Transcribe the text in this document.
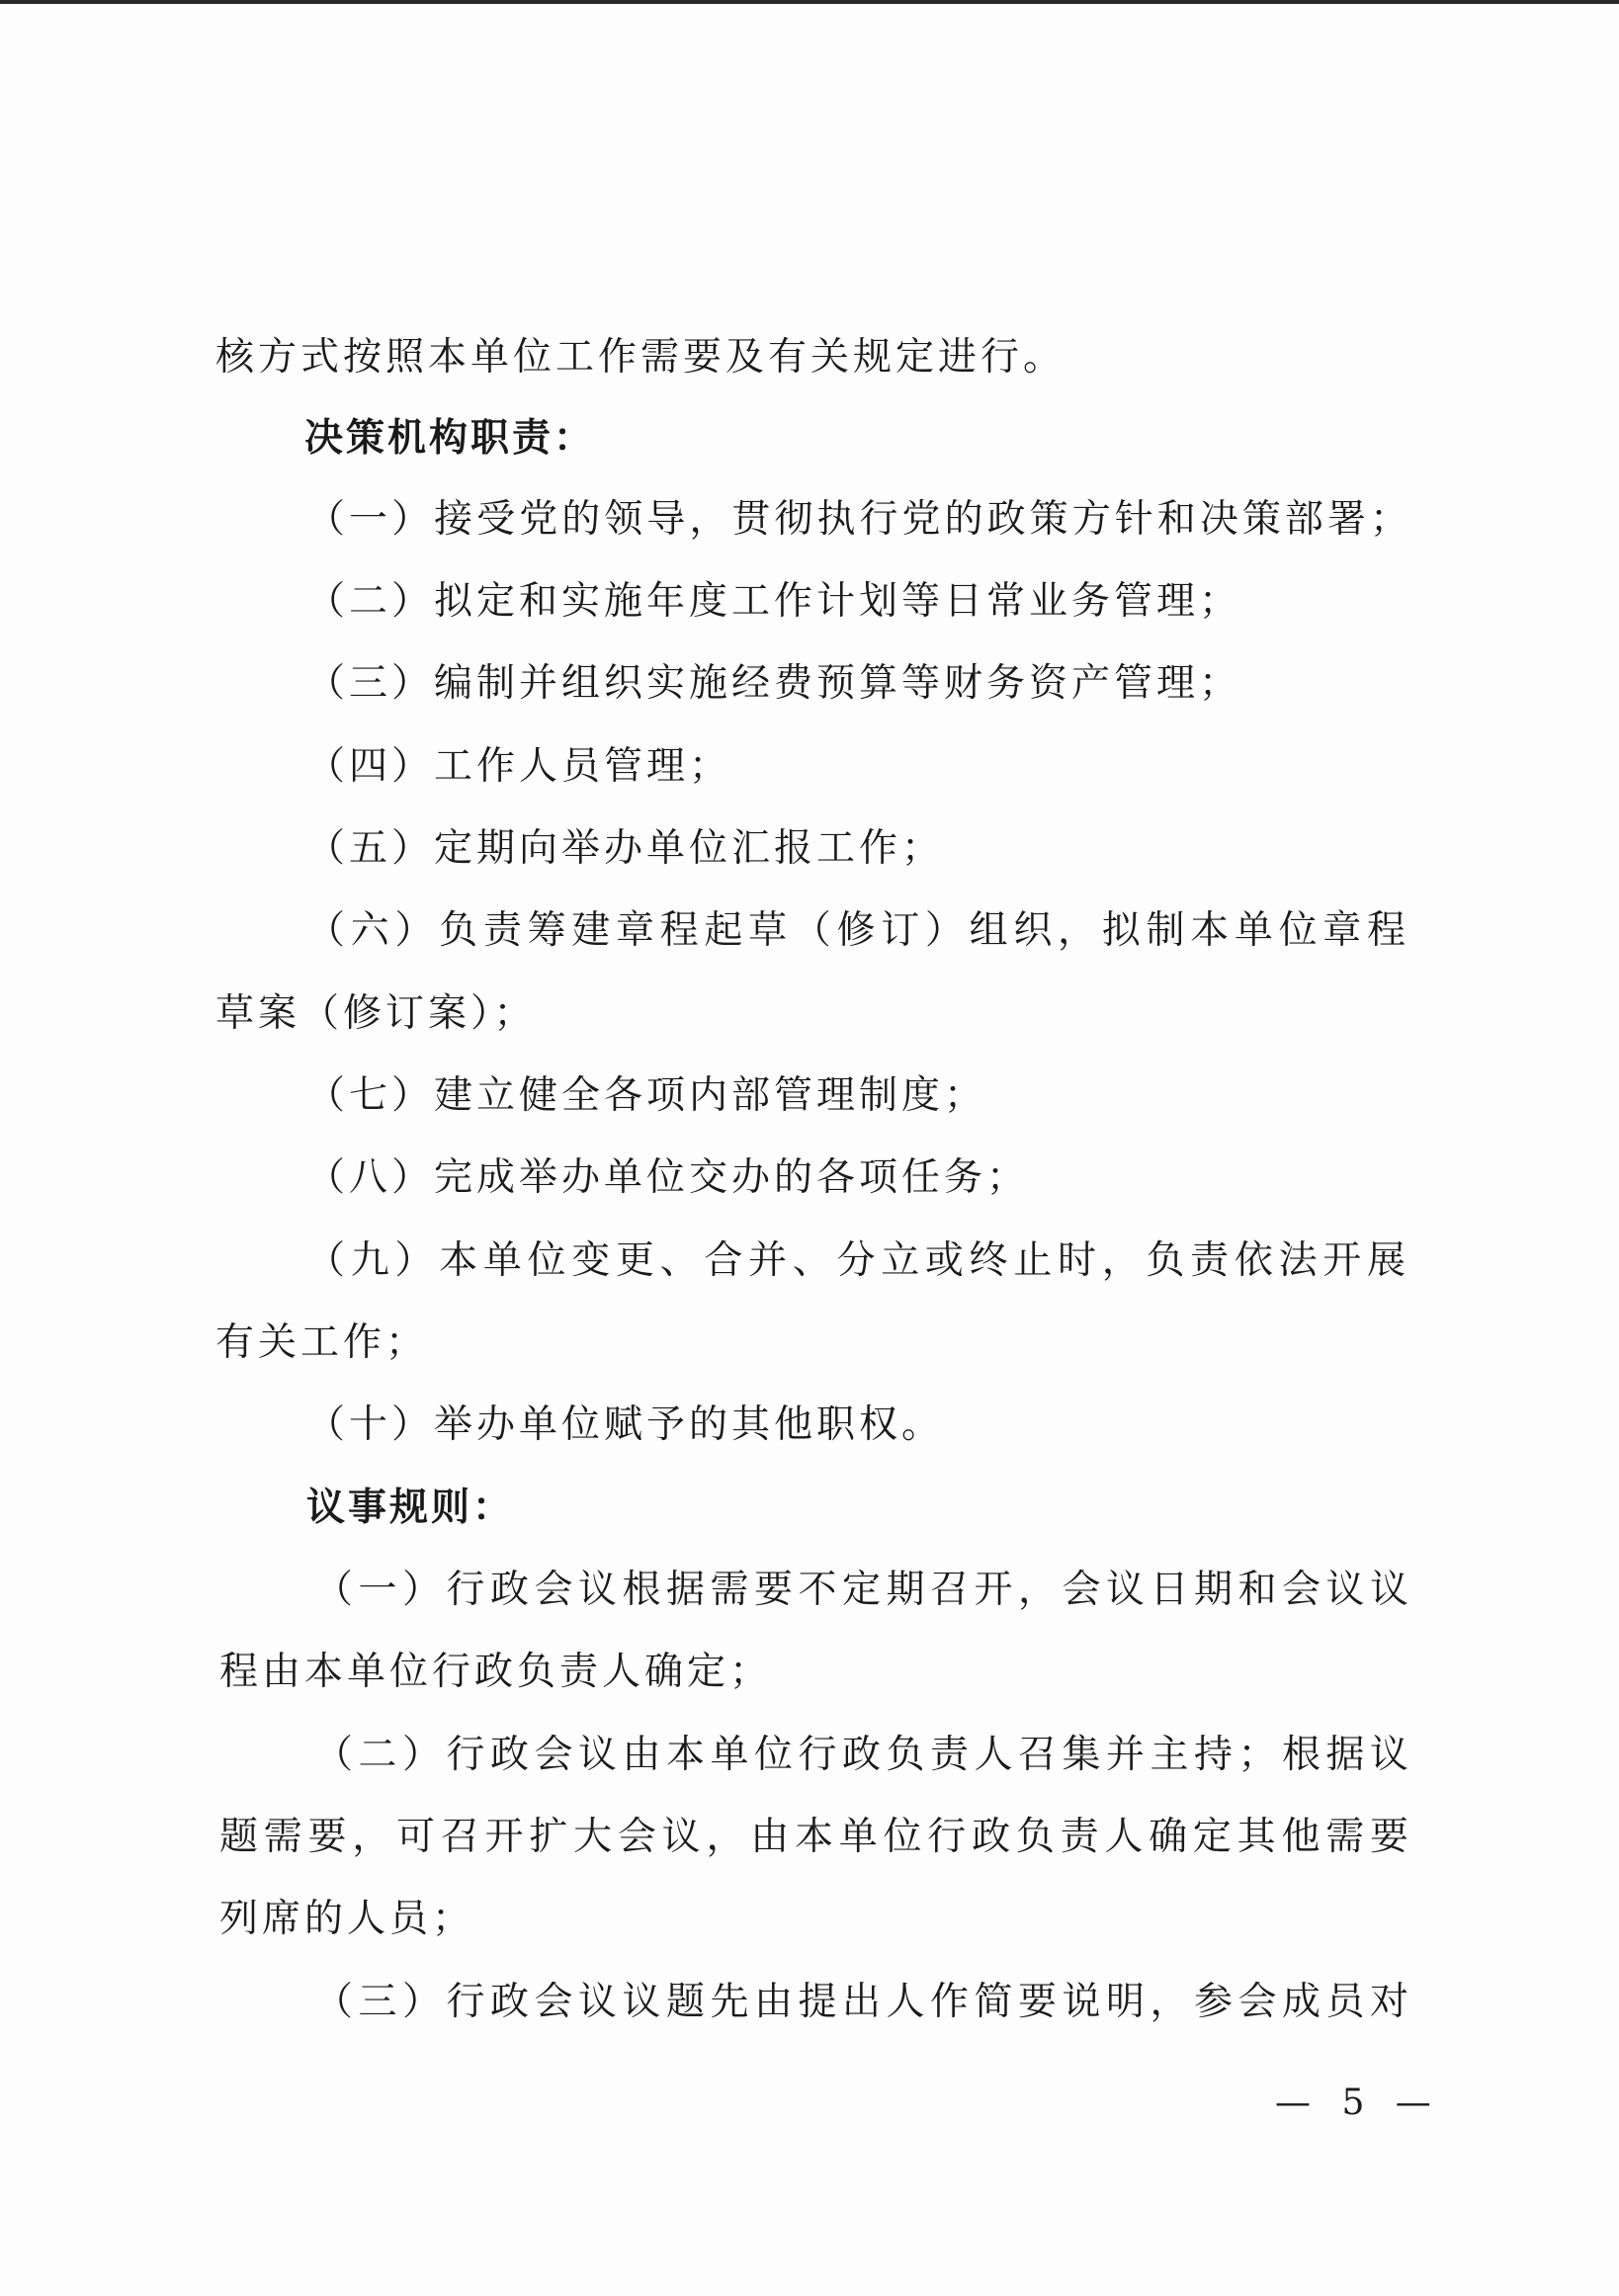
核方式按照本单位工作需要及有关规定进行。
决策机构职责：
（一）接受党的领导，贯彻执行党的政策方针和决策部署；
（二）拟定和实施年度工作计划等日常业务管理；
（三）编制并组织实施经费预算等财务资产管理；
（四）工作人员管理；
（五）定期向举办单位汇报工作；
（六）负责筹建章程起草（修订）组织，拟制本单位章程
草案（修订案）；
（七）建立健全各项内部管理制度；
（八）完成举办单位交办的各项任务；
（九）本单位变更、合并、分立或终止时，负责依法开展
有关工作；
（十）举办单位赋予的其他职权。
议事规则：
（一）行政会议根据需要不定期召开，会议日期和会议议
程由本单位行政负责人确定；
（二）行政会议由本单位行政负责人召集并主持；根据议
题需要，可召开扩大会议，由本单位行政负责人确定其他需要
列席的人员；
（三）行政会议议题先由提出人作简要说明，参会成员对
— 5 —
